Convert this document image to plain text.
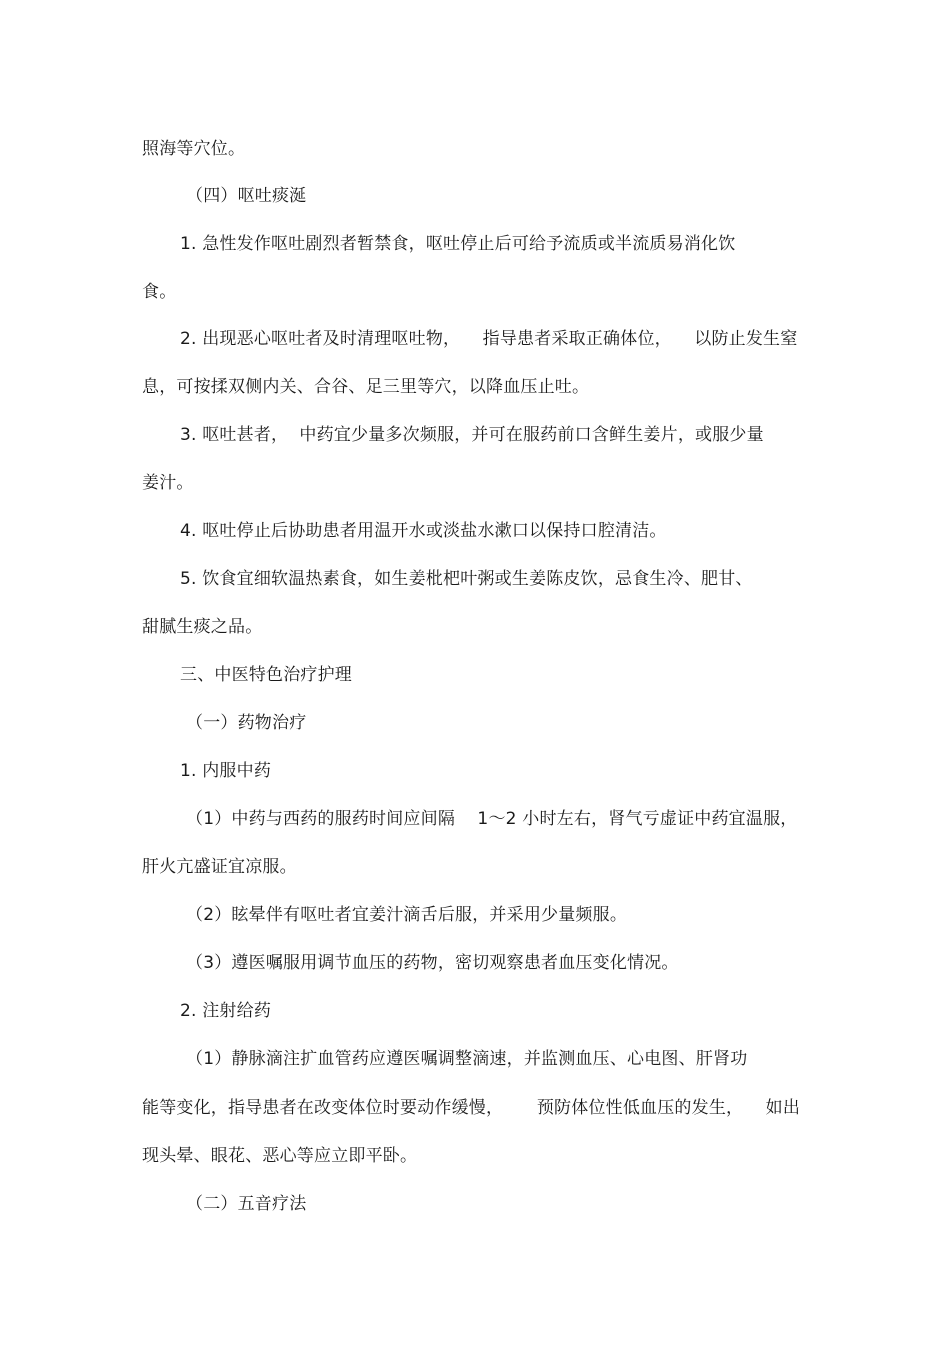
照海等穴位。
（四）呕吐痰涎
1. 急性发作呕吐剧烈者暂禁食，呕吐停止后可给予流质或半流质易消化饮
食。
2. 出现恶心呕吐者及时清理呕吐物，    指导患者采取正确体位，    以防止发生窒
息，可按揉双侧内关、合谷、足三里等穴，以降血压止吐。
3. 呕吐甚者，  中药宜少量多次频服，并可在服药前口含鲜生姜片，或服少量
姜汁。
4. 呕吐停止后协助患者用温开水或淡盐水漱口以保持口腔清洁。
5. 饮食宜细软温热素食，如生姜枇杷叶粥或生姜陈皮饮，忌食生冷、肥甘、
甜腻生痰之品。
三、中医特色治疗护理
（一）药物治疗
1. 内服中药
（1）中药与西药的服药时间应间隔    1～2 小时左右，肾气亏虚证中药宜温服，
肝火亢盛证宜凉服。
（2）眩晕伴有呕吐者宜姜汁滴舌后服，并采用少量频服。
（3）遵医嘱服用调节血压的药物，密切观察患者血压变化情况。
2. 注射给药
（1）静脉滴注扩血管药应遵医嘱调整滴速，并监测血压、心电图、肝肾功
能等变化，指导患者在改变体位时要动作缓慢，      预防体位性低血压的发生，    如出
现头晕、眼花、恶心等应立即平卧。
（二）五音疗法
